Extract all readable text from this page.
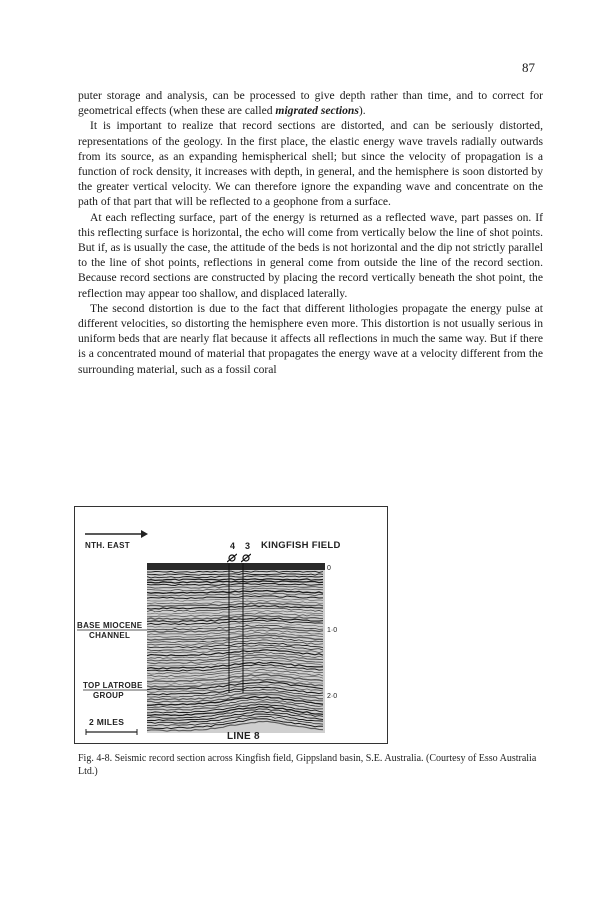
87

puter storage and analysis, can be processed to give depth rather than time, and to correct for geometrical effects (when these are called migrated sections).

It is important to realize that record sections are distorted, and can be seriously distorted, representations of the geology. In the first place, the elastic energy wave travels radially outwards from its source, as an expanding hemispherical shell; but since the velocity of propagation is a function of rock density, it increases with depth, in general, and the hemisphere is soon distorted by the greater vertical velocity. We can therefore ignore the expanding wave and concentrate on the path of that part that will be reflected to a geophone from a surface.

At each reflecting surface, part of the energy is returned as a reflected wave, part passes on. If this reflecting surface is horizontal, the echo will come from vertically below the line of shot points. But if, as is usually the case, the attitude of the beds is not horizontal and the dip not strictly parallel to the line of shot points, reflections in general come from outside the line of the record section. Because record sections are constructed by placing the record vertically beneath the shot point, the reflection may appear too shallow, and displaced laterally.

The second distortion is due to the fact that different lithologies propagate the energy pulse at different velocities, so distorting the hemisphere even more. This distortion is not usually serious in uniform beds that are nearly flat because it affects all reflections in much the same way. But if there is a concentrated mound of material that propagates the energy wave at a velocity different from the surrounding material, such as a fossil coral

NTH. EAST	4 3 KINGFISH FIELD
0
1·0
2·0
BASE MIOCENE
CHANNEL
TOP LATROBE
GROUP
2 MILES
LINE 8

Fig. 4-8. Seismic record section across Kingfish field, Gippsland basin, S.E. Australia. (Courtesy of Esso Australia Ltd.)
